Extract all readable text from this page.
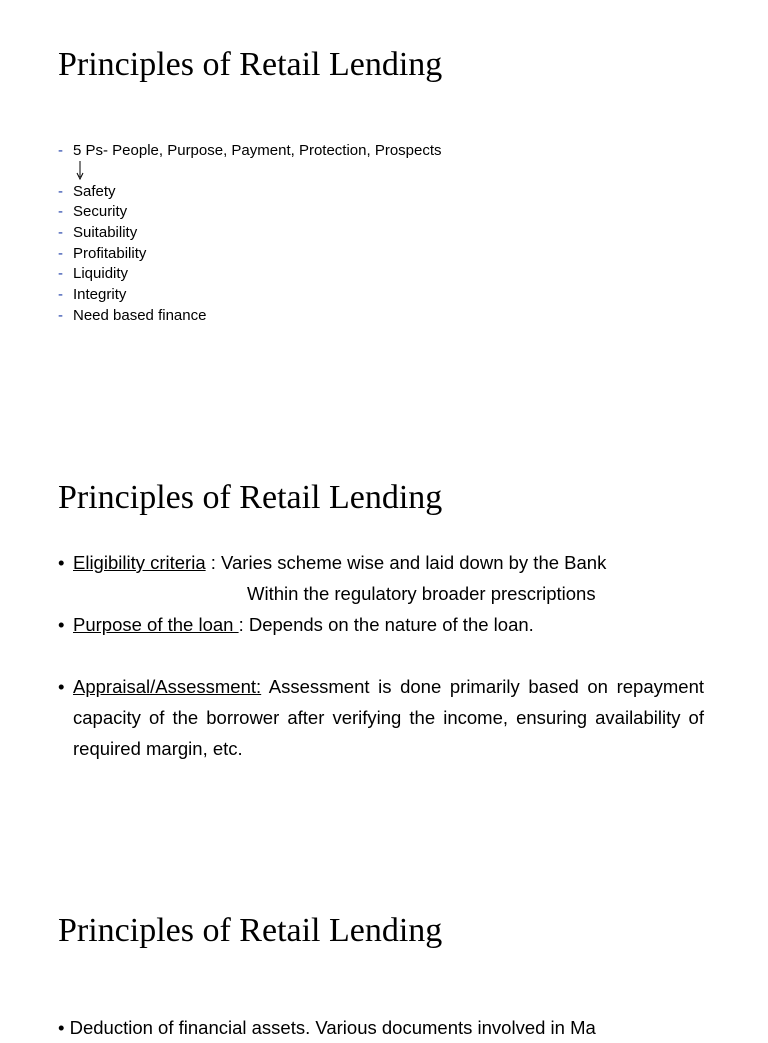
Principles of Retail Lending
- 5 Ps- People, Purpose, Payment, Protection, Prospects
- Safety
- Security
- Suitability
- Profitability
- Liquidity
- Integrity
- Need based finance
Principles of Retail Lending
• Eligibility criteria : Varies scheme wise and laid down by the Bank
Within the regulatory broader prescriptions
• Purpose of the loan : Depends on the nature of the loan.
• Appraisal/Assessment: Assessment is done primarily based on repayment capacity of the borrower after verifying the income, ensuring availability of required margin, etc.
Principles of Retail Lending
• Deduction of financial assets. Various documents involved in Ma
